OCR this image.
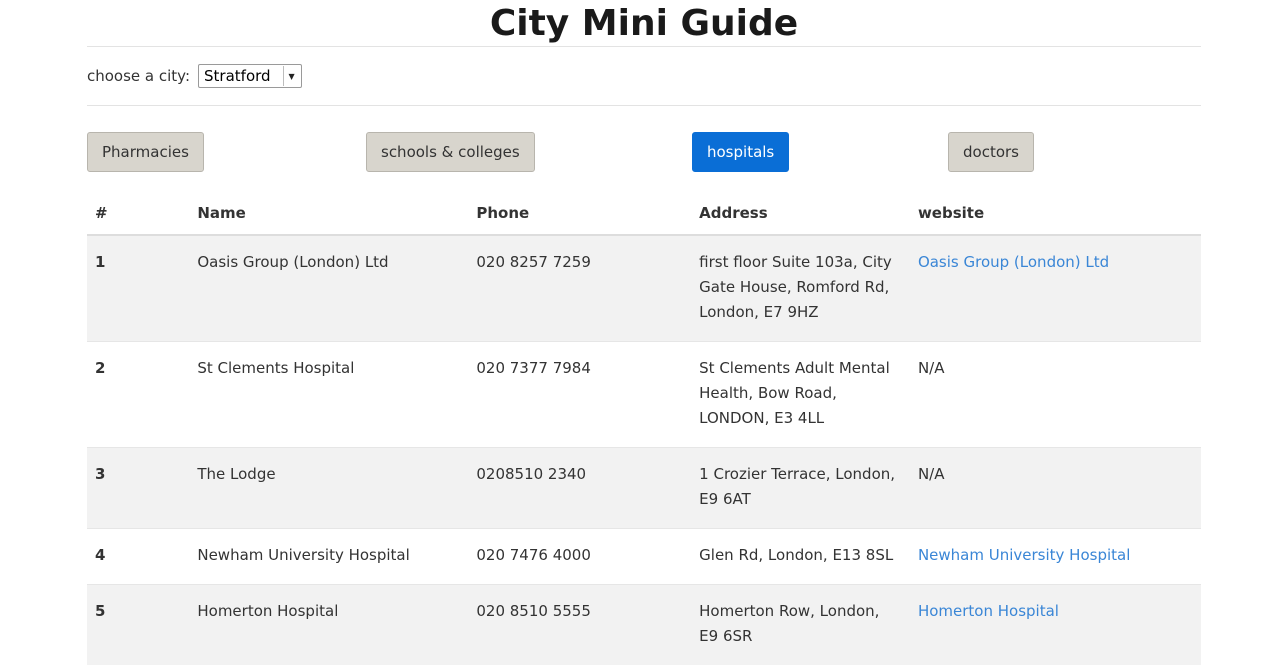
City Mini Guide
choose a city: Stratford	▼
Pharmacies	schools & colleges	hospitals	doctors
#	Name	Phone	Address	website
1	Oasis Group (London) Ltd	020 8257 7259	first floor Suite 103a, City Gate House, Romford Rd, London, E7 9HZ	Oasis Group (London) Ltd
2	St Clements Hospital	020 7377 7984	St Clements Adult Mental Health, Bow Road, LONDON, E3 4LL	N/A
3	The Lodge	0208510 2340	1 Crozier Terrace, London, E9 6AT	N/A
4	Newham University Hospital	020 7476 4000	Glen Rd, London, E13 8SL	Newham University Hospital
5	Homerton Hospital	020 8510 5555	Homerton Row, London, E9 6SR	Homerton Hospital
